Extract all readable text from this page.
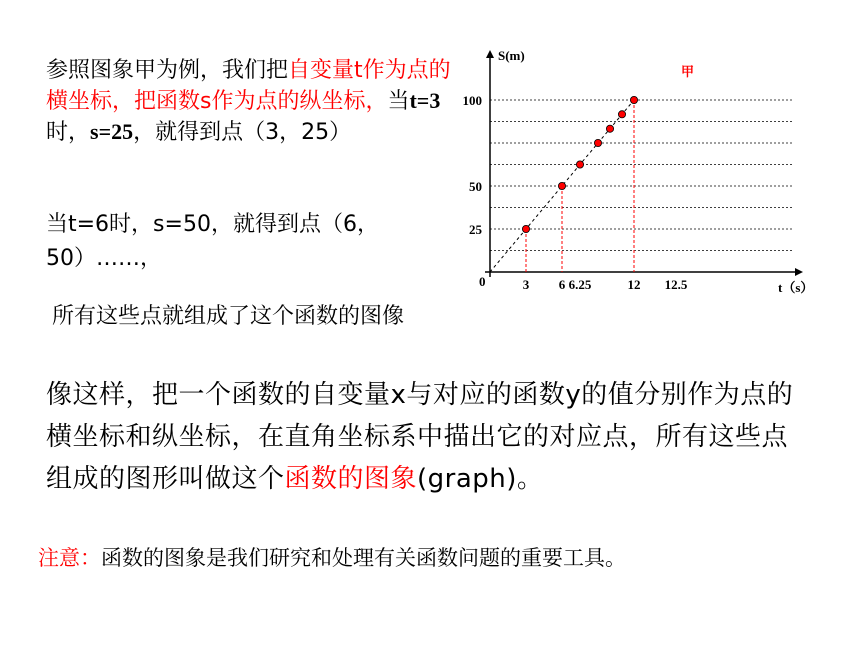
参照图象甲为例，我们把自变量t作为点的横坐标，把函数s作为点的纵坐标，当t=3时，s=25，就得到点（3，25）
当t=6时，s=50，就得到点（6，50）……，
所有这些点就组成了这个函数的图像
像这样，把一个函数的自变量x与对应的函数y的值分别作为点的横坐标和纵坐标，在直角坐标系中描出它的对应点，所有这些点组成的图形叫做这个函数的图象(graph)。
注意：函数的图象是我们研究和处理有关函数问题的重要工具。
S(m)
t（s）
甲
0	3 6 6.25	12 12.5
25
50
100
